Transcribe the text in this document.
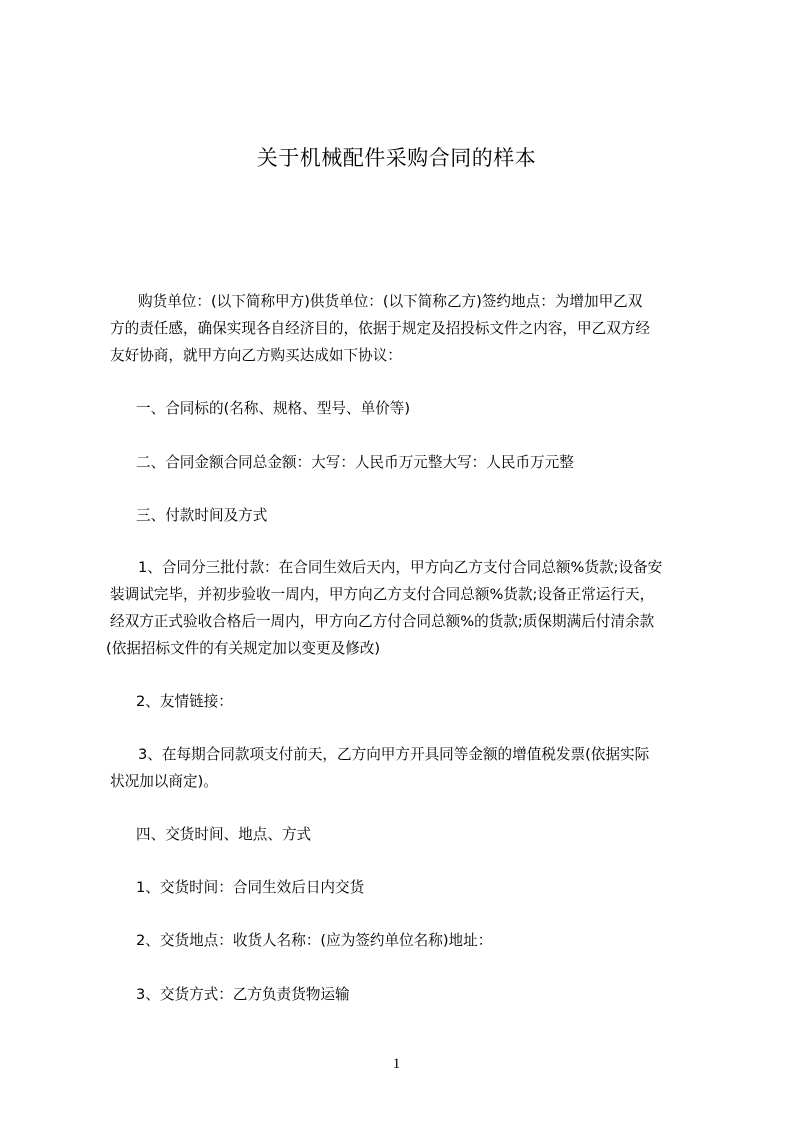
关于机械配件采购合同的样本
购货单位：(以下简称甲方)供货单位：(以下简称乙方)签约地点：为增加甲乙双
方的责任感，确保实现各自经济目的，依据于规定及招投标文件之内容，甲乙双方经
友好协商，就甲方向乙方购买达成如下协议：
一、合同标的(名称、规格、型号、单价等)
二、合同金额合同总金额：大写：人民币万元整大写：人民币万元整
三、付款时间及方式
1、合同分三批付款：在合同生效后天内，甲方向乙方支付合同总额%货款;设备安
装调试完毕，并初步验收一周内，甲方向乙方支付合同总额%货款;设备正常运行天，
经双方正式验收合格后一周内，甲方向乙方付合同总额%的货款;质保期满后付清余款
(依据招标文件的有关规定加以变更及修改)
2、友情链接：
3、在每期合同款项支付前天，乙方向甲方开具同等金额的增值税发票(依据实际
状况加以商定)。
四、交货时间、地点、方式
1、交货时间：合同生效后日内交货
2、交货地点：收货人名称：(应为签约单位名称)地址：
3、交货方式：乙方负责货物运输
1
